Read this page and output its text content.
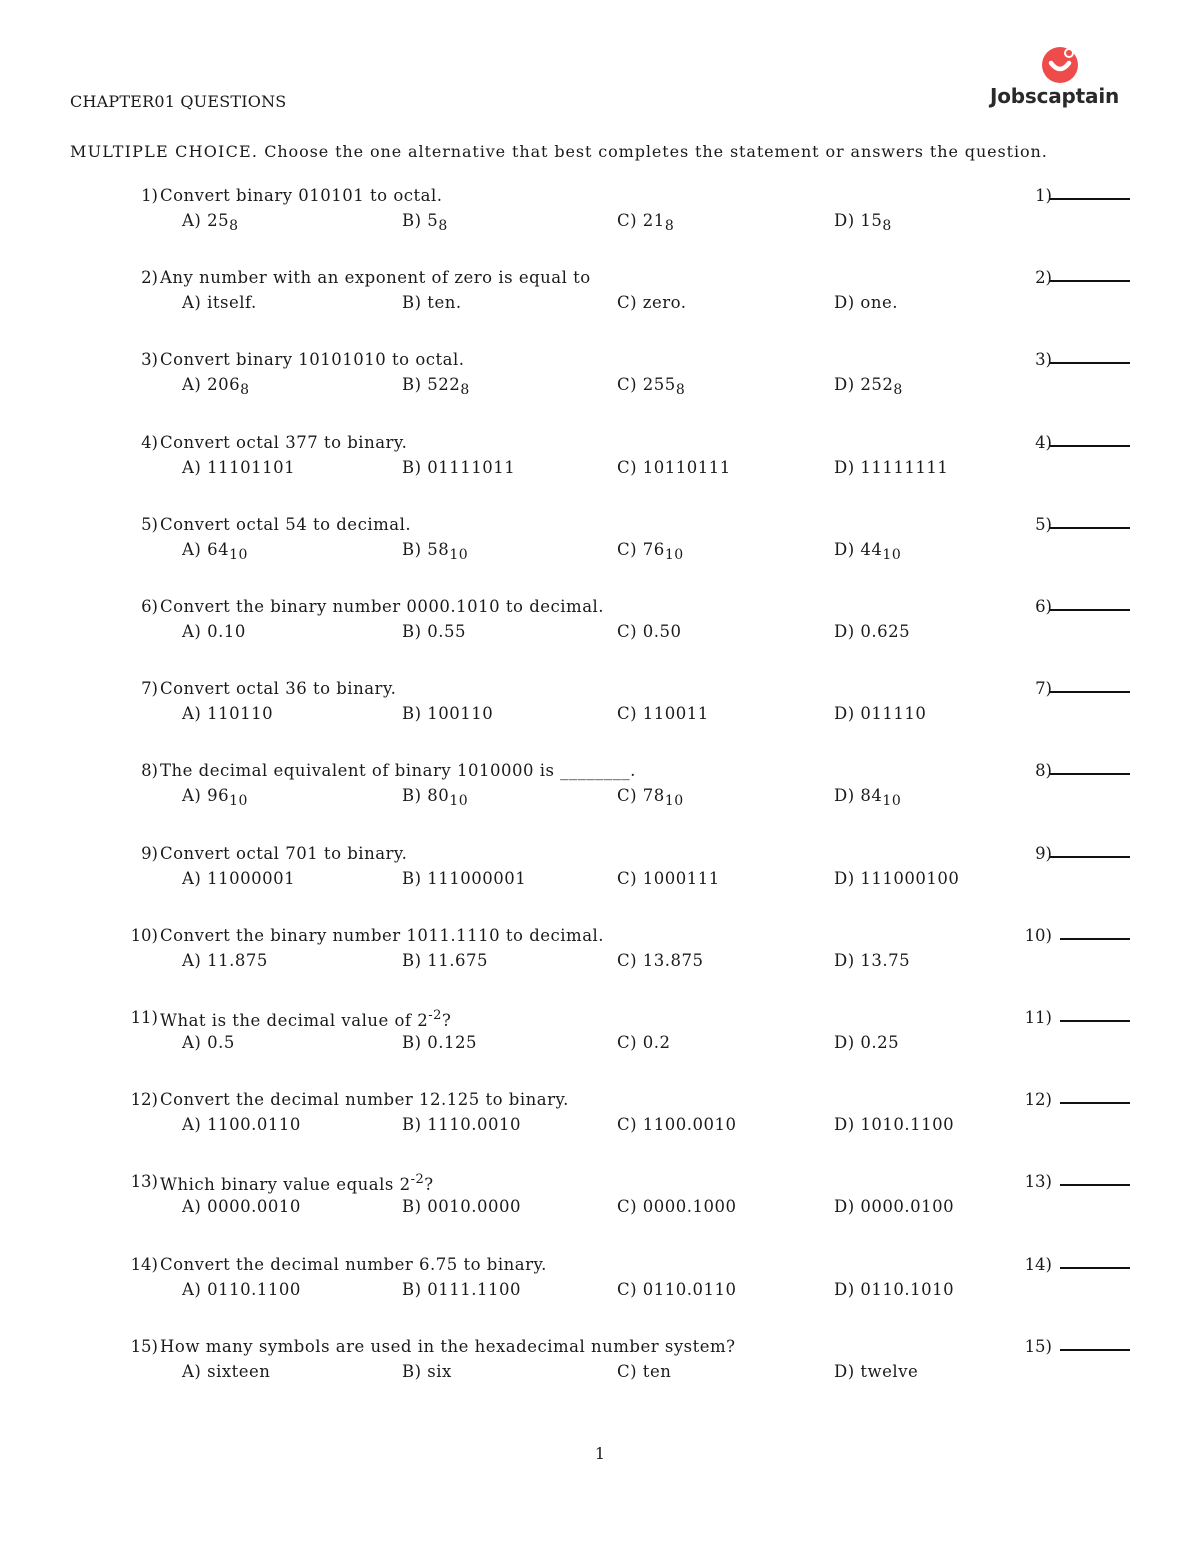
CHAPTER01 QUESTIONS	Jobscaptain
MULTIPLE CHOICE. Choose the one alternative that best completes the statement or answers the question.
1) Convert binary 010101 to octal.
A) $25_8$	B) $5_8$	C) $21_8$	D) $15_8$
1)
2) Any number with an exponent of zero is equal to
A) itself.	B) ten.	C) zero.	D) one.
2)
3) Convert binary 10101010 to octal.
A) $206_8$	B) $522_8$	C) $255_8$	D) $252_8$
3)
4) Convert octal 377 to binary.
A) 11101101	B) 01111011	C) 10110111	D) 11111111
4)
5) Convert octal 54 to decimal.
A) $64_{10}$	B) $58_{10}$	C) $76_{10}$	D) $44_{10}$
5)
6) Convert the binary number 0000.1010 to decimal.
A) 0.10	B) 0.55	C) 0.50	D) 0.625
6)
7) Convert octal 36 to binary.
A) 110110	B) 100110	C) 110011	D) 011110
7)
8) The decimal equivalent of binary 1010000 is ________.
A) $96_{10}$	B) $80_{10}$	C) $78_{10}$	D) $84_{10}$
8)
9) Convert octal 701 to binary.
A) 11000001	B) 111000001	C) 1000111	D) 111000100
9)
10) Convert the binary number 1011.1110 to decimal.
A) 11.875	B) 11.675	C) 13.875	D) 13.75
10)
11) What is the decimal value of $2^{-2}$?
A) 0.5	B) 0.125	C) 0.2	D) 0.25
11)
12) Convert the decimal number 12.125 to binary.
A) 1100.0110	B) 1110.0010	C) 1100.0010	D) 1010.1100
12)
13) Which binary value equals $2^{-2}$?
A) 0000.0010	B) 0010.0000	C) 0000.1000	D) 0000.0100
13)
14) Convert the decimal number 6.75 to binary.
A) 0110.1100	B) 0111.1100	C) 0110.0110	D) 0110.1010
14)
15) How many symbols are used in the hexadecimal number system?
A) sixteen	B) six	C) ten	D) twelve
15)
1
